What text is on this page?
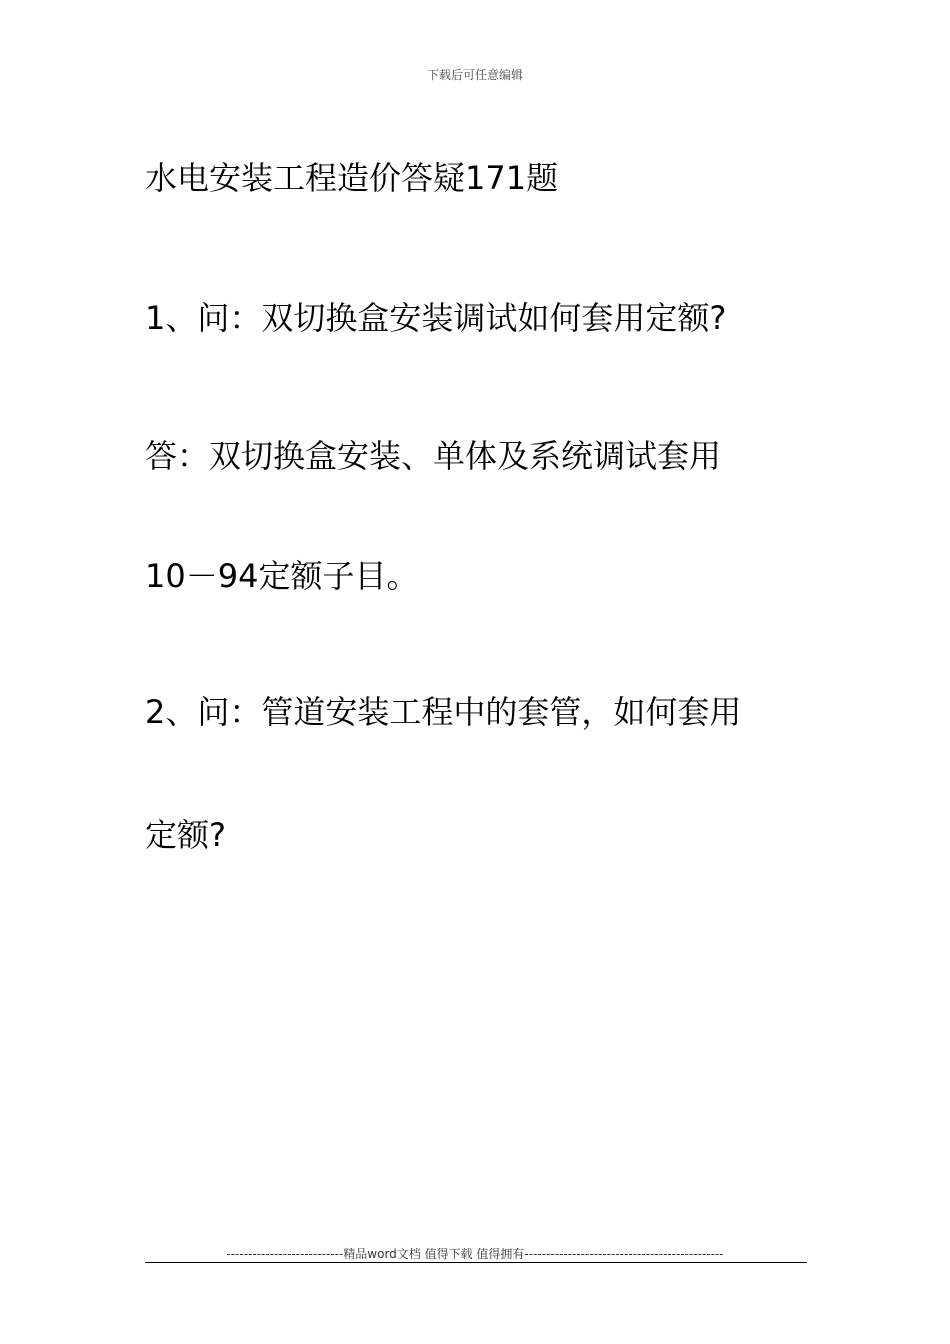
下载后可任意编辑
水电安装工程造价答疑171题

1、问：双切换盒安装调试如何套用定额?

答：双切换盒安装、单体及系统调试套用

10－94定额子目。

2、问：管道安装工程中的套管，如何套用

定额?

---------------------------精品word文档 值得下载 值得拥有----------------------------------------------
